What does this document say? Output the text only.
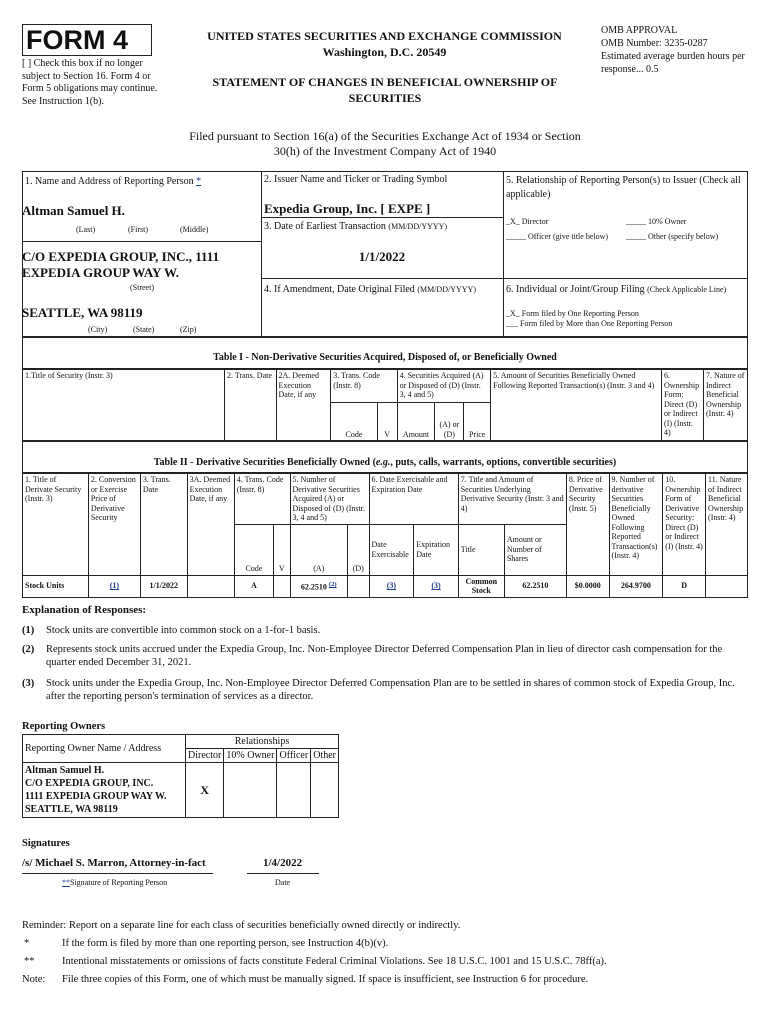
FORM 4
[ ] Check this box if no longer subject to Section 16. Form 4 or Form 5 obligations may continue. See Instruction 1(b).
UNITED STATES SECURITIES AND EXCHANGE COMMISSION
Washington, D.C. 20549
STATEMENT OF CHANGES IN BENEFICIAL OWNERSHIP OF SECURITIES
OMB APPROVAL
OMB Number: 3235-0287
Estimated average burden hours per response... 0.5
Filed pursuant to Section 16(a) of the Securities Exchange Act of 1934 or Section 30(h) of the Investment Company Act of 1940
1. Name and Address of Reporting Person *
Altman Samuel H.
(Last)	(First)	(Middle)
C/O EXPEDIA GROUP, INC., 1111 EXPEDIA GROUP WAY W.
(Street)
SEATTLE, WA 98119
(City)	(State)	(Zip)
2. Issuer Name and Ticker or Trading Symbol
Expedia Group, Inc. [ EXPE ]
3. Date of Earliest Transaction (MM/DD/YYYY)
1/1/2022
4. If Amendment, Date Original Filed (MM/DD/YYYY)
5. Relationship of Reporting Person(s) to Issuer (Check all applicable)
_X_ Director	_____ 10% Owner
_____ Officer (give title below) _____ Other (specify below)
6. Individual or Joint/Group Filing (Check Applicable Line)
_X_ Form filed by One Reporting Person
___ Form filed by More than One Reporting Person
Table I - Non-Derivative Securities Acquired, Disposed of, or Beneficially Owned
1.Title of Security (Instr. 3)	2. Trans. Date	2A. Deemed Execution Date, if any	3. Trans. Code (Instr. 8)		4. Securities Acquired (A) or Disposed of (D) (Instr. 3, 4 and 5)			5. Amount of Securities Beneficially Owned Following Reported Transaction(s) (Instr. 3 and 4)	6. Ownership Form: Direct (D) or Indirect (I) (Instr. 4)	7. Nature of Indirect Beneficial Ownership (Instr. 4)
			Code	V	Amount	(A) or (D)	Price			
Table II - Derivative Securities Beneficially Owned (e.g., puts, calls, warrants, options, convertible securities)
1. Title of Derivate Security (Instr. 3)	2. Conversion or Exercise Price of Derivative Security	3. Trans. Date	3A. Deemed Execution Date, if any	4. Trans. Code (Instr. 8)		5. Number of Derivative Securities Acquired (A) or Disposed of (D) (Instr. 3, 4 and 5)		6. Date Exercisable and Expiration Date		7. Title and Amount of Securities Underlying Derivative Security (Instr. 3 and 4)		8. Price of Derivative Security (Instr. 5)	9. Number of derivative Securities Beneficially Owned Following Reported Transaction(s) (Instr. 4)	10. Ownership Form of Derivative Security: Direct (D) or Indirect (I) (Instr. 4)	11. Nature of Indirect Beneficial Ownership (Instr. 4)
				Code	V	(A)	(D)	Date Exercisable	Expiration Date	Title	Amount or Number of Shares				
Stock Units	(1)	1/1/2022		A		62.2510 $^{(2)}$		(3)	(3)	Common Stock	62.2510	$0.0000	264.9700	D	
Explanation of Responses:
(1) Stock units are convertible into common stock on a 1-for-1 basis.
(2) Represents stock units accrued under the Expedia Group, Inc. Non-Employee Director Deferred Compensation Plan in lieu of director cash compensation for the quarter ended December 31, 2021.
(3) Stock units under the Expedia Group, Inc. Non-Employee Director Deferred Compensation Plan are to be settled in shares of common stock of Expedia Group, Inc. after the reporting person's termination of services as a director.
Reporting Owners
Reporting Owner Name / Address	Relationships			
	Director	10% Owner	Officer	Other

Altman Samuel H.
C/O EXPEDIA GROUP, INC.
1111 EXPEDIA GROUP WAY W.
SEATTLE, WA 98119	X			
Signatures
/s/ Michael S. Marron, Attorney-in-fact	1/4/2022
**Signature of Reporting Person	Date
Reminder: Report on a separate line for each class of securities beneficially owned directly or indirectly.
*	If the form is filed by more than one reporting person, see Instruction 4(b)(v).
**	Intentional misstatements or omissions of facts constitute Federal Criminal Violations. See 18 U.S.C. 1001 and 15 U.S.C. 78ff(a).
Note: File three copies of this Form, one of which must be manually signed. If space is insufficient, see Instruction 6 for procedure.
